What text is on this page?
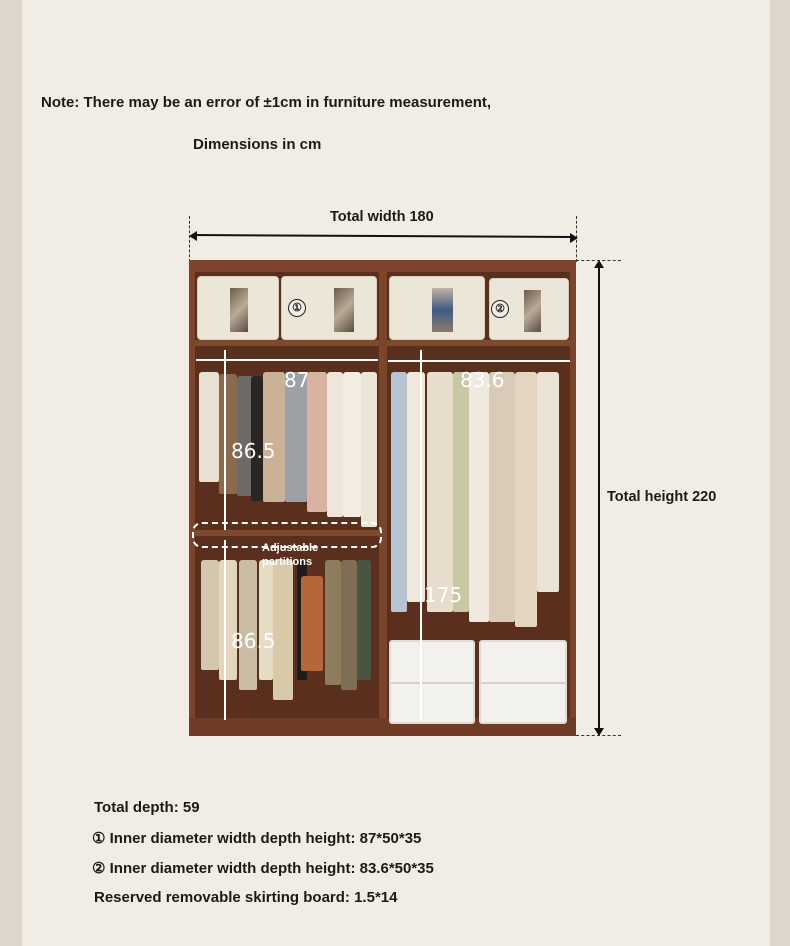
Note: There may be an error of ±1cm in furniture measurement,
Dimensions in cm
Total width 180
Total height 220
①	②
87	83.6
86.5
86.5
175
Adjustable
partitions
Total depth: 59
① Inner diameter width depth height: 87*50*35
② Inner diameter width depth height: 83.6*50*35
Reserved removable skirting board: 1.5*14
